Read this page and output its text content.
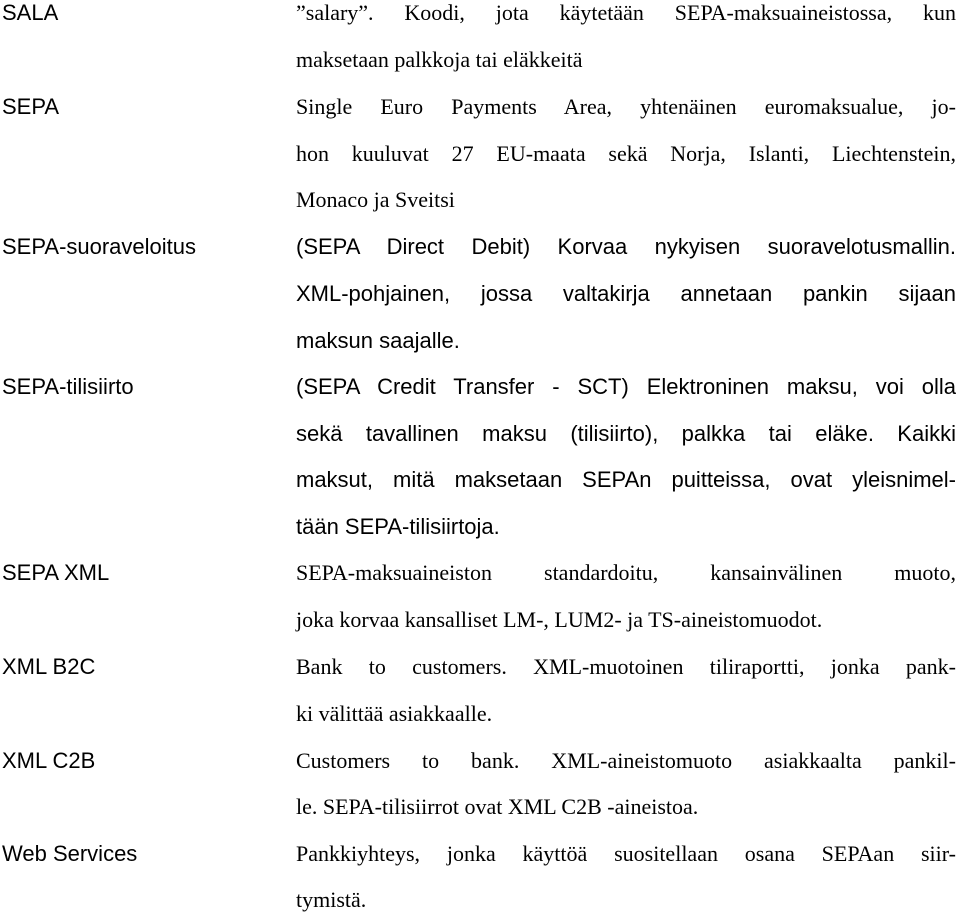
SALA
SEPA
SEPA-suoraveloitus
SEPA-tilisiirto
SEPA XML
XML B2C
XML C2B
Web Services
”salary”. Koodi, jota käytetään SEPA-maksuaineistossa, kun
maksetaan palkkoja tai eläkkeitä
Single Euro Payments Area, yhtenäinen euromaksualue, jo-
hon kuuluvat 27 EU-maata sekä Norja, Islanti, Liechtenstein,
Monaco ja Sveitsi
(SEPA Direct Debit) Korvaa nykyisen suoravelotusmallin.
XML-pohjainen, jossa valtakirja annetaan pankin sijaan
maksun saajalle.
(SEPA Credit Transfer - SCT) Elektroninen maksu, voi olla
sekä tavallinen maksu (tilisiirto), palkka tai eläke. Kaikki
maksut, mitä maksetaan SEPAn puitteissa, ovat yleisnimel-
tään SEPA-tilisiirtoja.
SEPA-maksuaineiston standardoitu, kansainvälinen muoto,
joka korvaa kansalliset LM-, LUM2- ja TS-aineistomuodot.
Bank to customers. XML-muotoinen tiliraportti, jonka pank-
ki välittää asiakkaalle.
Customers to bank. XML-aineistomuoto asiakkaalta pankil-
le. SEPA-tilisiirrot ovat XML C2B -aineistoa.
Pankkiyhteys, jonka käyttöä suositellaan osana SEPAan siir-
tymistä.
